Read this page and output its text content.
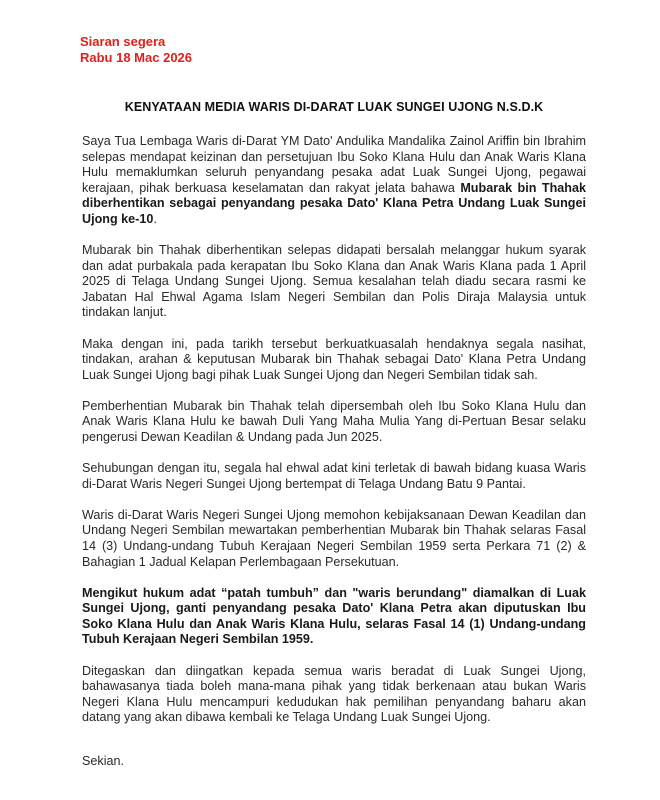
Siaran segera
Rabu 18 Mac 2026
KENYATAAN MEDIA WARIS DI-DARAT LUAK SUNGEI UJONG N.S.D.K

Saya Tua Lembaga Waris di-Darat YM Dato' Andulika Mandalika Zainol Ariffin bin Ibrahim selepas mendapat keizinan dan persetujuan Ibu Soko Klana Hulu dan Anak Waris Klana Hulu memaklumkan seluruh penyandang pesaka adat Luak Sungei Ujong, pegawai kerajaan, pihak berkuasa keselamatan dan rakyat jelata bahawa Mubarak bin Thahak diberhentikan sebagai penyandang pesaka Dato' Klana Petra Undang Luak Sungei Ujong ke-10.

Mubarak bin Thahak diberhentikan selepas didapati bersalah melanggar hukum syarak dan adat purbakala pada kerapatan Ibu Soko Klana dan Anak Waris Klana pada 1 April 2025 di Telaga Undang Sungei Ujong. Semua kesalahan telah diadu secara rasmi ke Jabatan Hal Ehwal Agama Islam Negeri Sembilan dan Polis Diraja Malaysia untuk tindakan lanjut.

Maka dengan ini, pada tarikh tersebut berkuatkuasalah hendaknya segala nasihat, tindakan, arahan & keputusan Mubarak bin Thahak sebagai Dato' Klana Petra Undang Luak Sungei Ujong bagi pihak Luak Sungei Ujong dan Negeri Sembilan tidak sah.

Pemberhentian Mubarak bin Thahak telah dipersembah oleh Ibu Soko Klana Hulu dan Anak Waris Klana Hulu ke bawah Duli Yang Maha Mulia Yang di-Pertuan Besar selaku pengerusi Dewan Keadilan & Undang pada Jun 2025.

Sehubungan dengan itu, segala hal ehwal adat kini terletak di bawah bidang kuasa Waris di-Darat Waris Negeri Sungei Ujong bertempat di Telaga Undang Batu 9 Pantai.

Waris di-Darat Waris Negeri Sungei Ujong memohon kebijaksanaan Dewan Keadilan dan Undang Negeri Sembilan mewartakan pemberhentian Mubarak bin Thahak selaras Fasal 14 (3) Undang-undang Tubuh Kerajaan Negeri Sembilan 1959 serta Perkara 71 (2) & Bahagian 1 Jadual Kelapan Perlembagaan Persekutuan.

Mengikut hukum adat “patah tumbuh” dan "waris berundang" diamalkan di Luak Sungei Ujong, ganti penyandang pesaka Dato' Klana Petra akan diputuskan Ibu Soko Klana Hulu dan Anak Waris Klana Hulu, selaras Fasal 14 (1) Undang-undang Tubuh Kerajaan Negeri Sembilan 1959.

Ditegaskan dan diingatkan kepada semua waris beradat di Luak Sungei Ujong, bahawasanya tiada boleh mana-mana pihak yang tidak berkenaan atau bukan Waris Negeri Klana Hulu mencampuri kedudukan hak pemilihan penyandang baharu akan datang yang akan dibawa kembali ke Telaga Undang Luak Sungei Ujong.

Sekian.
